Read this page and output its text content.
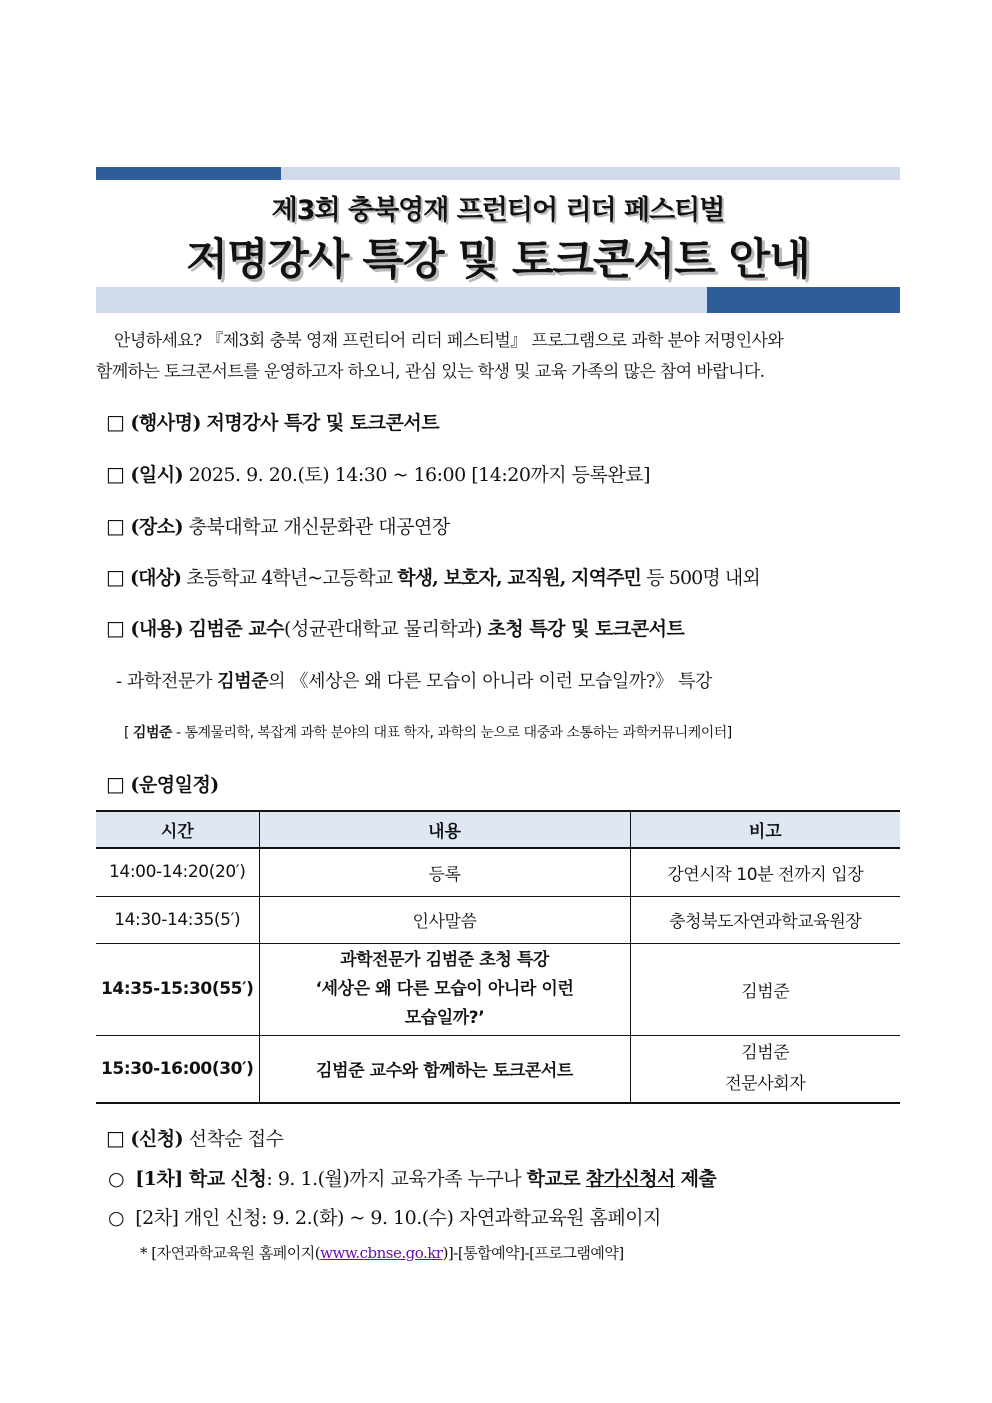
제3회 충북영재 프런티어 리더 페스티벌
저명강사 특강 및 토크콘서트 안내

안녕하세요? 『제3회 충북 영재 프런티어 리더 페스티벌』 프로그램으로 과학 분야 저명인사와

함께하는 토크콘서트를 운영하고자 하오니, 관심 있는 학생 및 교육 가족의 많은 참여 바랍니다.

□ (행사명) 저명강사 특강 및 토크콘서트
□ (일시) 2025. 9. 20.(토) 14:30 ~ 16:00 [14:20까지 등록완료]
□ (장소) 충북대학교 개신문화관 대공연장
□ (대상) 초등학교 4학년~고등학교 학생, 보호자, 교직원, 지역주민 등 500명 내외
□ (내용) 김범준 교수(성균관대학교 물리학과) 초청 특강 및 토크콘서트
- 과학전문가 김범준의 《세상은 왜 다른 모습이 아니라 이런 모습일까?》 특강
[ 김범준 - 통계물리학, 복잡계 과학 분야의 대표 학자, 과학의 눈으로 대중과 소통하는 과학커뮤니케이터]
□ (운영일정)
시간	내용	비고
14:00-14:20(20′)	등록	강연시작 10분 전까지 입장
14:30-14:35(5′)	인사말씀	충청북도자연과학교육원장
14:35-15:30(55′)	과학전문가 김범준 초청 특강
‘세상은 왜 다른 모습이 아니라 이런
모습일까?’	김범준
15:30-16:00(30′)	김범준 교수와 함께하는 토크콘서트	김범준
전문사회자
□ (신청) 선착순 접수
○ [1차] 학교 신청: 9. 1.(월)까지 교육가족 누구나 학교로 참가신청서 제출
○ [2차] 개인 신청: 9. 2.(화) ~ 9. 10.(수) 자연과학교육원 홈페이지
* [자연과학교육원 홈페이지(www.cbnse.go.kr)]-[통합예약]-[프로그램예약]
